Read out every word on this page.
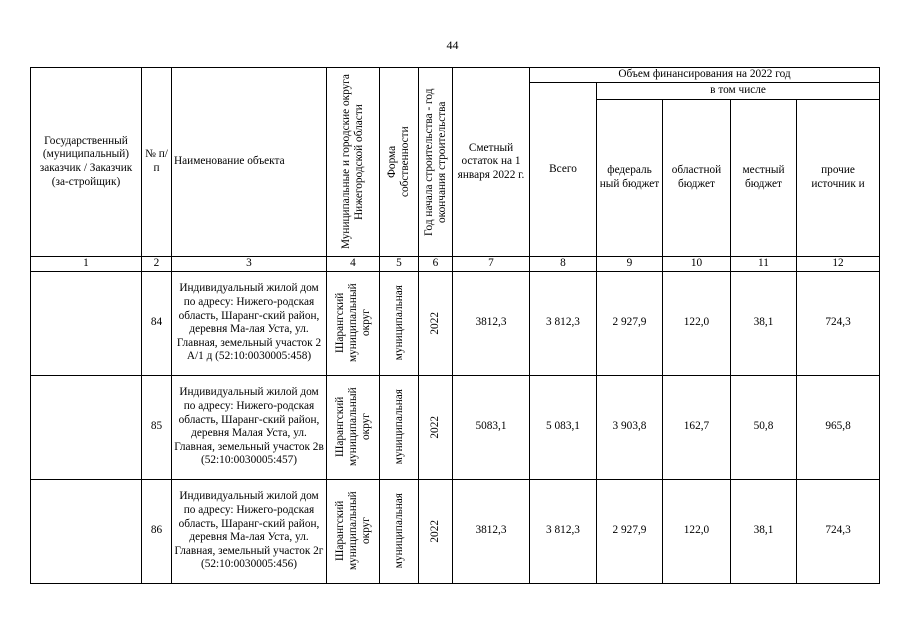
44
Государственный (муниципальный) заказчик / Заказчик (за-стройщик)	№ п/п	Наименование объекта	Муниципальные и городские округа Нижегородской области	Форма собственности	Год начала строительства - год окончания строительства	Сметный остаток на 1 января 2022 г.	Объем финансирования на 2022 год				
							Всего	в том числе			
								федераль ный бюджет	областной бюджет	местный бюджет	прочие источник и
1	2	3	4	5	6	7	8	9	10	11	12
	84	Индивидуальный жилой дом по адресу: Нижего-родская область, Шаранг-ский район, деревня Ма-лая Уста, ул. Главная, земельный участок 2 А/1 д (52:10:0030005:458)	Шарангский муниципальный округ	муниципальная	2022	3812,3	3 812,3	2 927,9	122,0	38,1	724,3
	85	Индивидуальный жилой дом по адресу: Нижего-родская область, Шаранг-ский район, деревня Малая Уста, ул. Главная, земельный участок 2в (52:10:0030005:457)	Шарангский муниципальный округ	муниципальная	2022	5083,1	5 083,1	3 903,8	162,7	50,8	965,8
	86	Индивидуальный жилой дом по адресу: Нижего-родская область, Шаранг-ский район, деревня Ма-лая Уста, ул. Главная, земельный участок 2г (52:10:0030005:456)	Шарангский муниципальный округ	муниципальная	2022	3812,3	3 812,3	2 927,9	122,0	38,1	724,3
